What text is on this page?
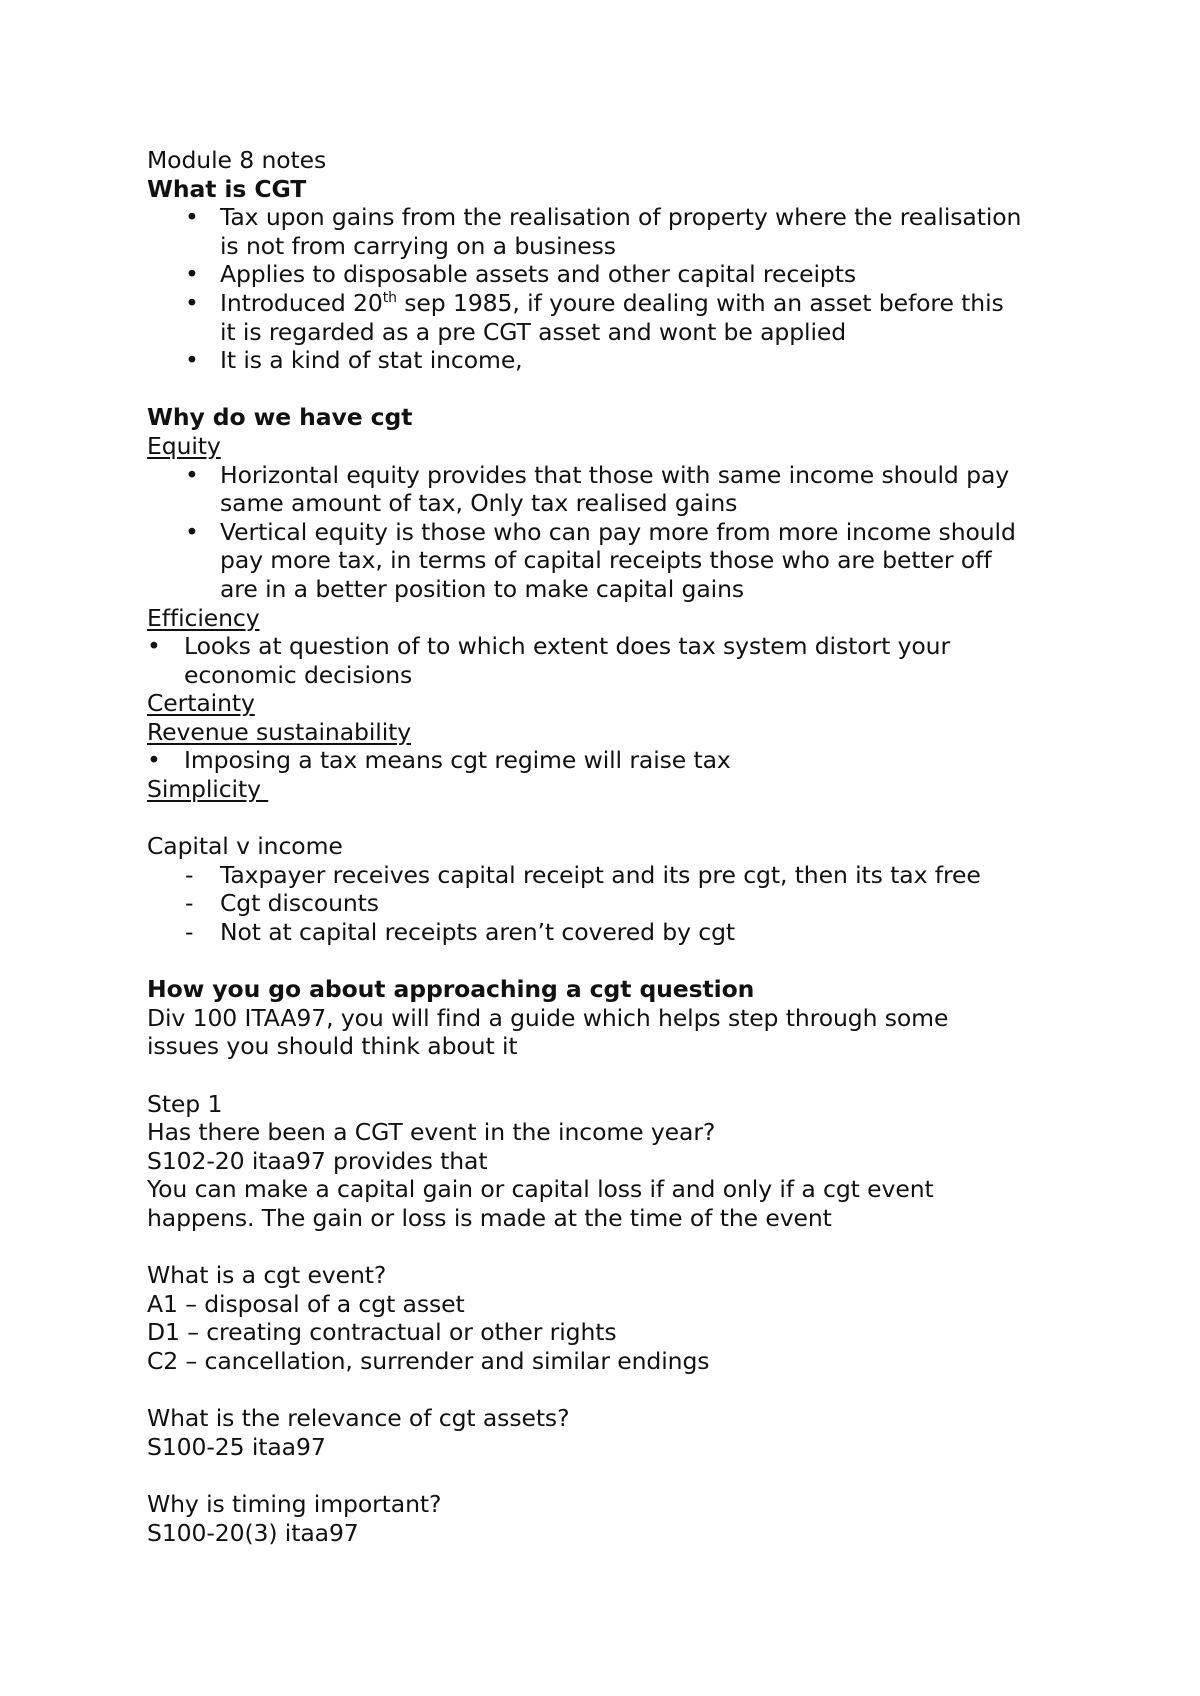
Module 8 notes

What is CGT

• Tax upon gains from the realisation of property where the realisation
is not from carrying on a business
• Applies to disposable assets and other capital receipts
• Introduced 20th sep 1985, if youre dealing with an asset before this
it is regarded as a pre CGT asset and wont be applied
• It is a kind of stat income,

Why do we have cgt

Equity

• Horizontal equity provides that those with same income should pay
same amount of tax, Only tax realised gains
• Vertical equity is those who can pay more from more income should
pay more tax, in terms of capital receipts those who are better off
are in a better position to make capital gains

Efficiency

• Looks at question of to which extent does tax system distort your
economic decisions

Certainty

Revenue sustainability

• Imposing a tax means cgt regime will raise tax

Simplicity

Capital v income

- Taxpayer receives capital receipt and its pre cgt, then its tax free
- Cgt discounts
- Not at capital receipts aren’t covered by cgt

How you go about approaching a cgt question

Div 100 ITAA97, you will find a guide which helps step through some

issues you should think about it

Step 1

Has there been a CGT event in the income year?

S102-20 itaa97 provides that

You can make a capital gain or capital loss if and only if a cgt event

happens. The gain or loss is made at the time of the event

What is a cgt event?

A1 – disposal of a cgt asset

D1 – creating contractual or other rights

C2 – cancellation, surrender and similar endings

What is the relevance of cgt assets?

S100-25 itaa97

Why is timing important?

S100-20(3) itaa97
